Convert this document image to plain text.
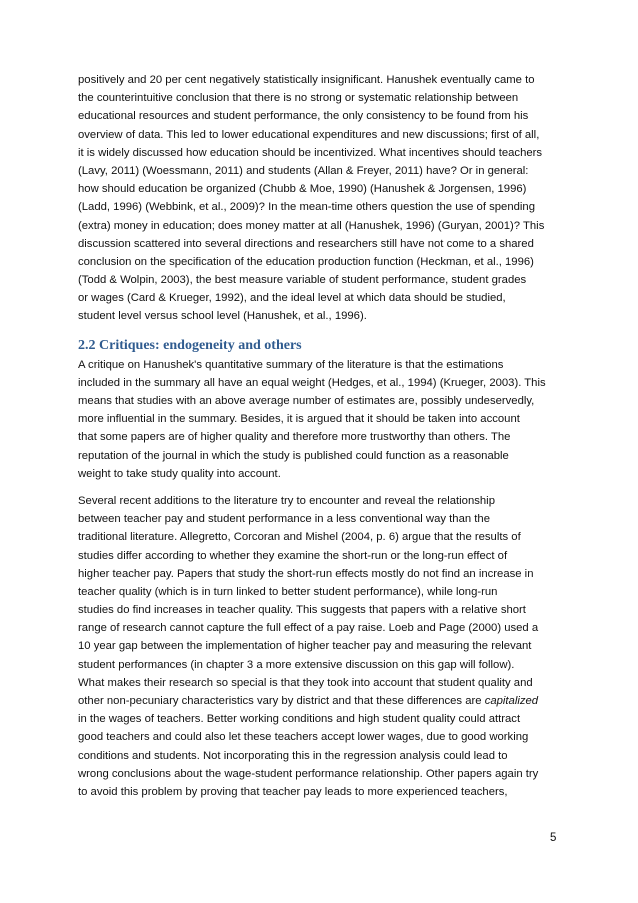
positively and 20 per cent negatively statistically insignificant. Hanushek eventually came to
the counterintuitive conclusion that there is no strong or systematic relationship between
educational resources and student performance, the only consistency to be found from his
overview of data. This led to lower educational expenditures and new discussions; first of all,
it is widely discussed how education should be incentivized. What incentives should teachers
(Lavy, 2011) (Woessmann, 2011) and students (Allan & Freyer, 2011) have? Or in general:
how should education be organized (Chubb & Moe, 1990) (Hanushek & Jorgensen, 1996)
(Ladd, 1996) (Webbink, et al., 2009)? In the mean-time others question the use of spending
(extra) money in education; does money matter at all (Hanushek, 1996) (Guryan, 2001)? This
discussion scattered into several directions and researchers still have not come to a shared
conclusion on the specification of the education production function (Heckman, et al., 1996)
(Todd & Wolpin, 2003), the best measure variable of student performance, student grades
or wages (Card & Krueger, 1992), and the ideal level at which data should be studied,
student level versus school level (Hanushek, et al., 1996).
2.2 Critiques: endogeneity and others
A critique on Hanushek's quantitative summary of the literature is that the estimations
included in the summary all have an equal weight (Hedges, et al., 1994) (Krueger, 2003). This
means that studies with an above average number of estimates are, possibly undeservedly,
more influential in the summary. Besides, it is argued that it should be taken into account
that some papers are of higher quality and therefore more trustworthy than others. The
reputation of the journal in which the study is published could function as a reasonable
weight to take study quality into account.
Several recent additions to the literature try to encounter and reveal the relationship
between teacher pay and student performance in a less conventional way than the
traditional literature. Allegretto, Corcoran and Mishel (2004, p. 6) argue that the results of
studies differ according to whether they examine the short-run or the long-run effect of
higher teacher pay. Papers that study the short-run effects mostly do not find an increase in
teacher quality (which is in turn linked to better student performance), while long-run
studies do find increases in teacher quality. This suggests that papers with a relative short
range of research cannot capture the full effect of a pay raise. Loeb and Page (2000) used a
10 year gap between the implementation of higher teacher pay and measuring the relevant
student performances (in chapter 3 a more extensive discussion on this gap will follow).
What makes their research so special is that they took into account that student quality and
other non-pecuniary characteristics vary by district and that these differences are capitalized
in the wages of teachers. Better working conditions and high student quality could attract
good teachers and could also let these teachers accept lower wages, due to good working
conditions and students. Not incorporating this in the regression analysis could lead to
wrong conclusions about the wage-student performance relationship. Other papers again try
to avoid this problem by proving that teacher pay leads to more experienced teachers,
5
